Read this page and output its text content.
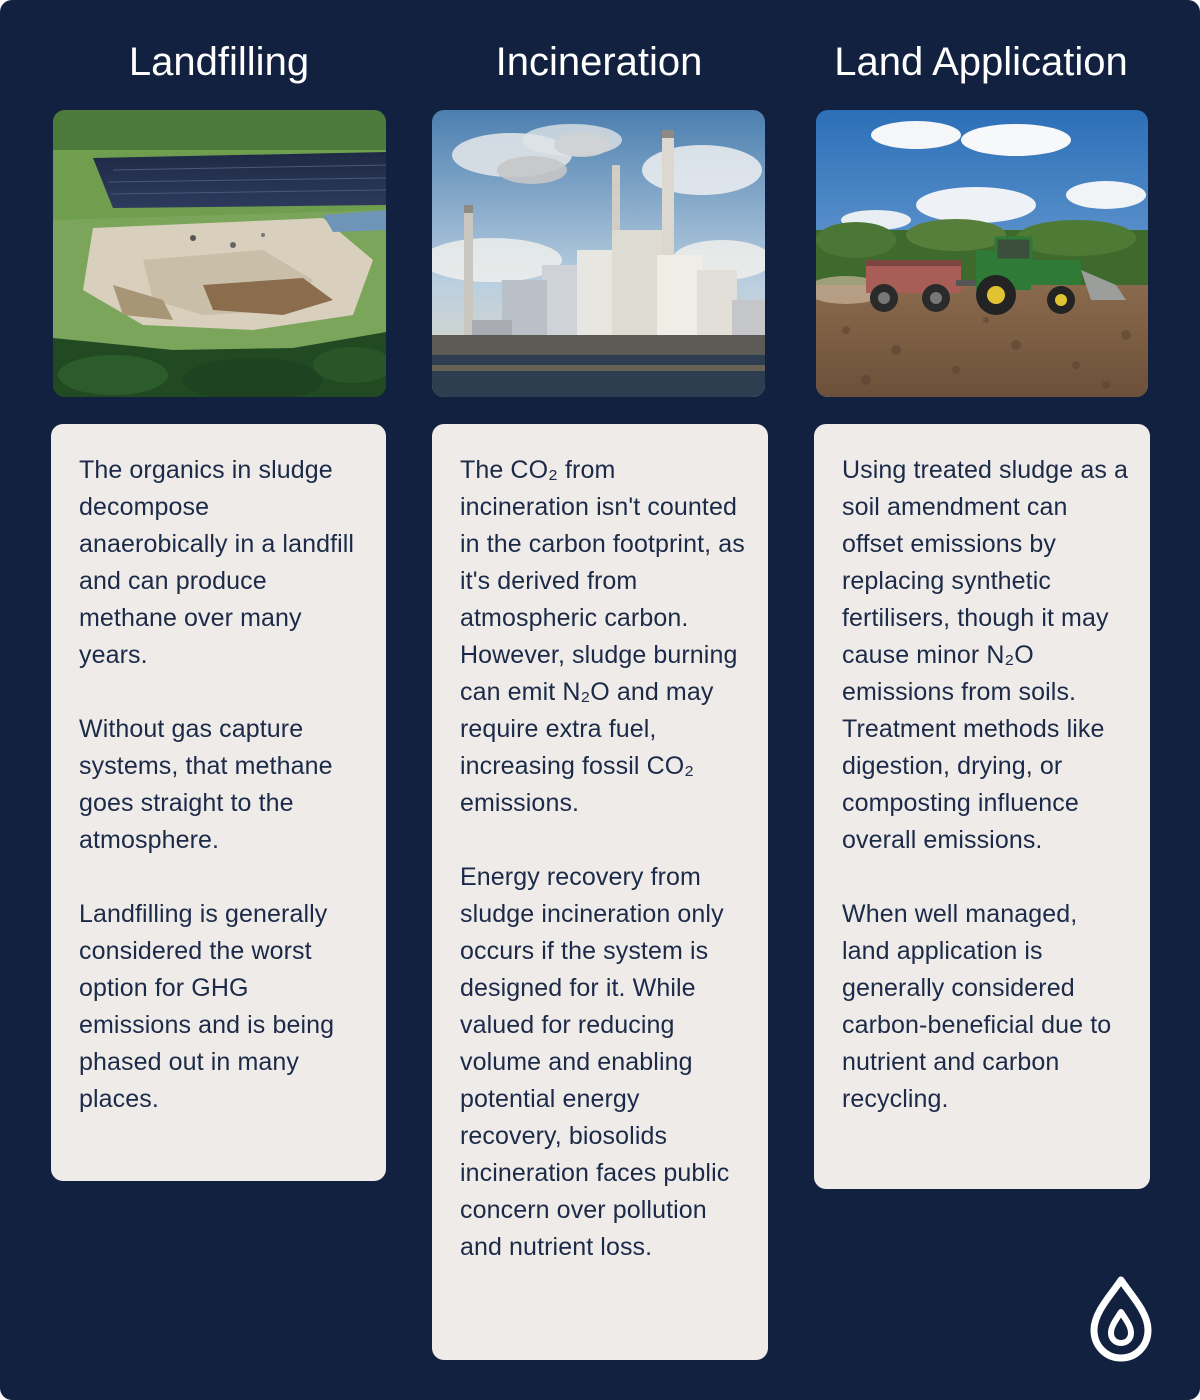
Landfilling	Incineration	Land Application

The organics in sludge decompose anaerobically in a landfill and can produce methane over many years.

Without gas capture systems, that methane goes straight to the atmosphere.

Landfilling is generally considered the worst option for GHG emissions and is being phased out in many places.

The CO₂ from incineration isn't counted in the carbon footprint, as it's derived from atmospheric carbon. However, sludge burning can emit N₂O and may require extra fuel, increasing fossil CO₂ emissions.

Energy recovery from sludge incineration only occurs if the system is designed for it. While valued for reducing volume and enabling potential energy recovery, biosolids incineration faces public concern over pollution and nutrient loss.

Using treated sludge as a soil amendment can offset emissions by replacing synthetic fertilisers, though it may cause minor N₂O emissions from soils. Treatment methods like digestion, drying, or composting influence overall emissions.

When well managed, land application is generally considered carbon-beneficial due to nutrient and carbon recycling.
